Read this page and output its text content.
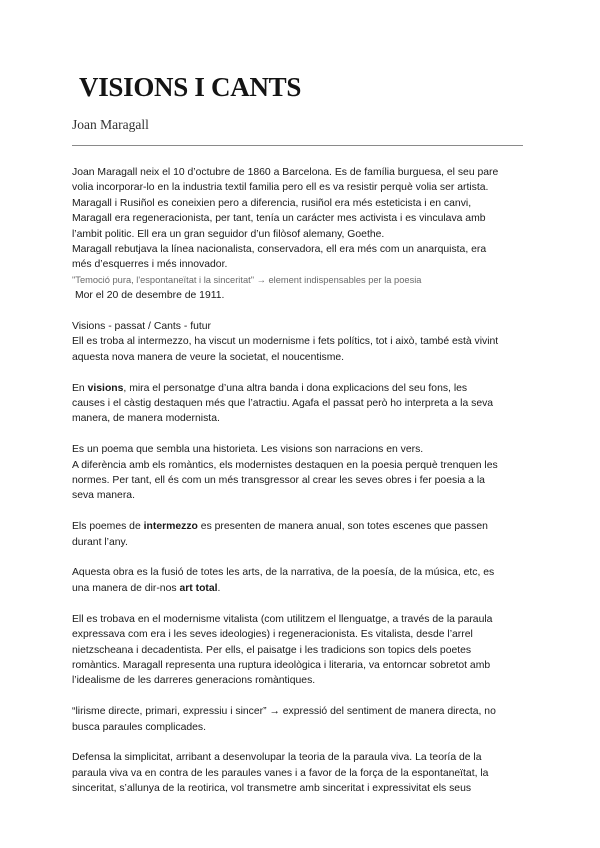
VISIONS I CANTS
Joan Maragall

Joan Maragall neix el 10 d’octubre de 1860 a Barcelona. Es de família burguesa, el seu pare

volia incorporar-lo en la industria textil familia pero ell es va resistir perquè volia ser artista.

Maragall i Rusiñol es coneixien pero a diferencia, rusiñol era més esteticista i en canvi,

Maragall era regeneracionista, per tant, tenía un carácter mes activista i es vinculava amb

l’ambit politic. Ell era un gran seguidor d’un filòsof alemany, Goethe.

Maragall rebutjava la línea nacionalista, conservadora, ell era més com un anarquista, era

més d’esquerres i més innovador.

"Temoció pura, l'espontaneïtat i la sinceritat" → element indispensables per la poesia

Mor el 20 de desembre de 1911.

Visions - passat / Cants - futur

Ell es troba al intermezzo, ha viscut un modernisme i fets polítics, tot i això, també està vivint

aquesta nova manera de veure la societat, el noucentisme.

En visions, mira el personatge d’una altra banda i dona explicacions del seu fons, les

causes i el càstig destaquen més que l’atractiu. Agafa el passat però ho interpreta a la seva

manera, de manera modernista.

Es un poema que sembla una historieta. Les visions son narracions en vers.

A diferència amb els romàntics, els modernistes destaquen en la poesia perquè trenquen les

normes. Per tant, ell és com un més transgressor al crear les seves obres i fer poesia a la

seva manera.

Els poemes de intermezzo es presenten de manera anual, son totes escenes que passen

durant l’any.

Aquesta obra es la fusió de totes les arts, de la narrativa, de la poesía, de la música, etc, es

una manera de dir-nos art total.

Ell es trobava en el modernisme vitalista (com utilitzem el llenguatge, a través de la paraula

expressava com era i les seves ideologies) i regeneracionista. Es vitalista, desde l’arrel

nietzscheana i decadentista. Per ells, el paisatge i les tradicions son topics dels poetes

romàntics. Maragall representa una ruptura ideològica i literaria, va entorncar sobretot amb

l’idealisme de les darreres generacions romàntiques.

“lirisme directe, primari, expressiu i sincer” → expressió del sentiment de manera directa, no

busca paraules complicades.

Defensa la simplicitat, arribant a desenvolupar la teoria de la paraula viva. La teoría de la

paraula viva va en contra de les paraules vanes i a favor de la força de la espontaneïtat, la

sinceritat, s’allunya de la reotirica, vol transmetre amb sinceritat i expressivitat els seus
